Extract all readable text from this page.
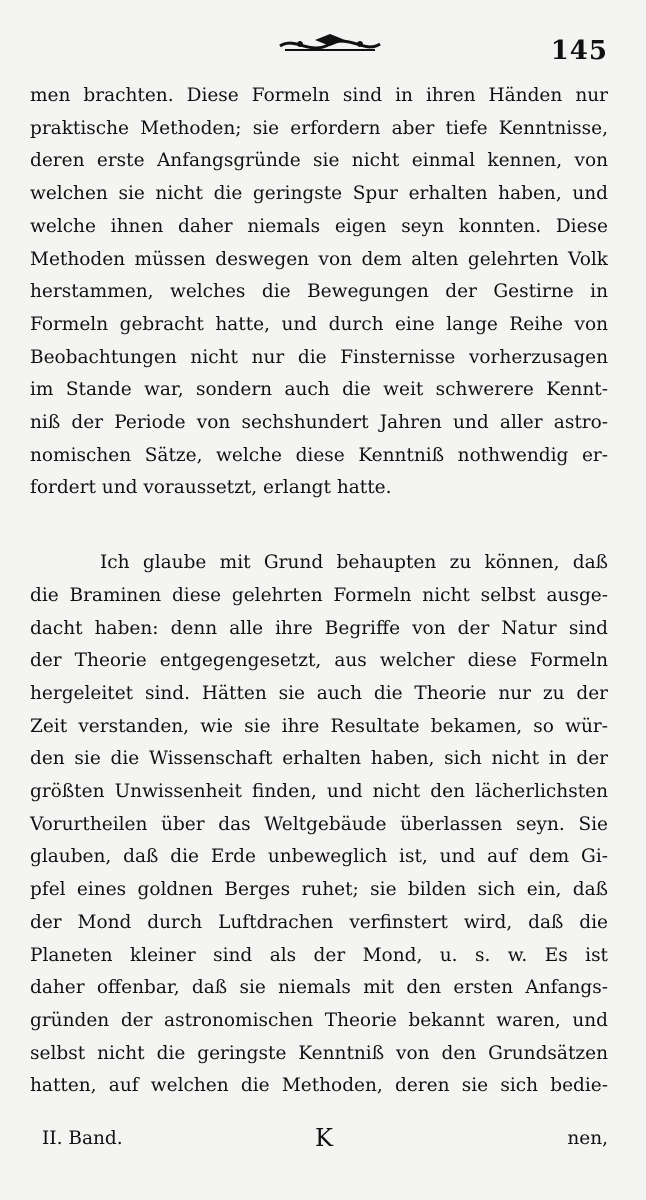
145
men brachten. Diese Formeln sind in ihren Händen nur
praktische Methoden; sie erfordern aber tiefe Kenntnisse,
deren erste Anfangsgründe sie nicht einmal kennen, von
welchen sie nicht die geringste Spur erhalten haben, und
welche ihnen daher niemals eigen seyn konnten. Diese
Methoden müssen deswegen von dem alten gelehrten Volk
herstammen, welches die Bewegungen der Gestirne in
Formeln gebracht hatte, und durch eine lange Reihe von
Beobachtungen nicht nur die Finsternisse vorherzusagen
im Stande war, sondern auch die weit schwerere Kennt-
niß der Periode von sechshundert Jahren und aller astro-
nomischen Sätze, welche diese Kenntniß nothwendig er-
fordert und voraussetzt, erlangt hatte.
Ich glaube mit Grund behaupten zu können, daß
die Braminen diese gelehrten Formeln nicht selbst ausge-
dacht haben: denn alle ihre Begriffe von der Natur sind
der Theorie entgegengesetzt, aus welcher diese Formeln
hergeleitet sind. Hätten sie auch die Theorie nur zu der
Zeit verstanden, wie sie ihre Resultate bekamen, so wür-
den sie die Wissenschaft erhalten haben, sich nicht in der
größten Unwissenheit finden, und nicht den lächerlichsten
Vorurtheilen über das Weltgebäude überlassen seyn. Sie
glauben, daß die Erde unbeweglich ist, und auf dem Gi-
pfel eines goldnen Berges ruhet; sie bilden sich ein, daß
der Mond durch Luftdrachen verfinstert wird, daß die
Planeten kleiner sind als der Mond, u. s. w. Es ist
daher offenbar, daß sie niemals mit den ersten Anfangs-
gründen der astronomischen Theorie bekannt waren, und
selbst nicht die geringste Kenntniß von den Grundsätzen
hatten, auf welchen die Methoden, deren sie sich bedie-
II. Band.	K	nen,
